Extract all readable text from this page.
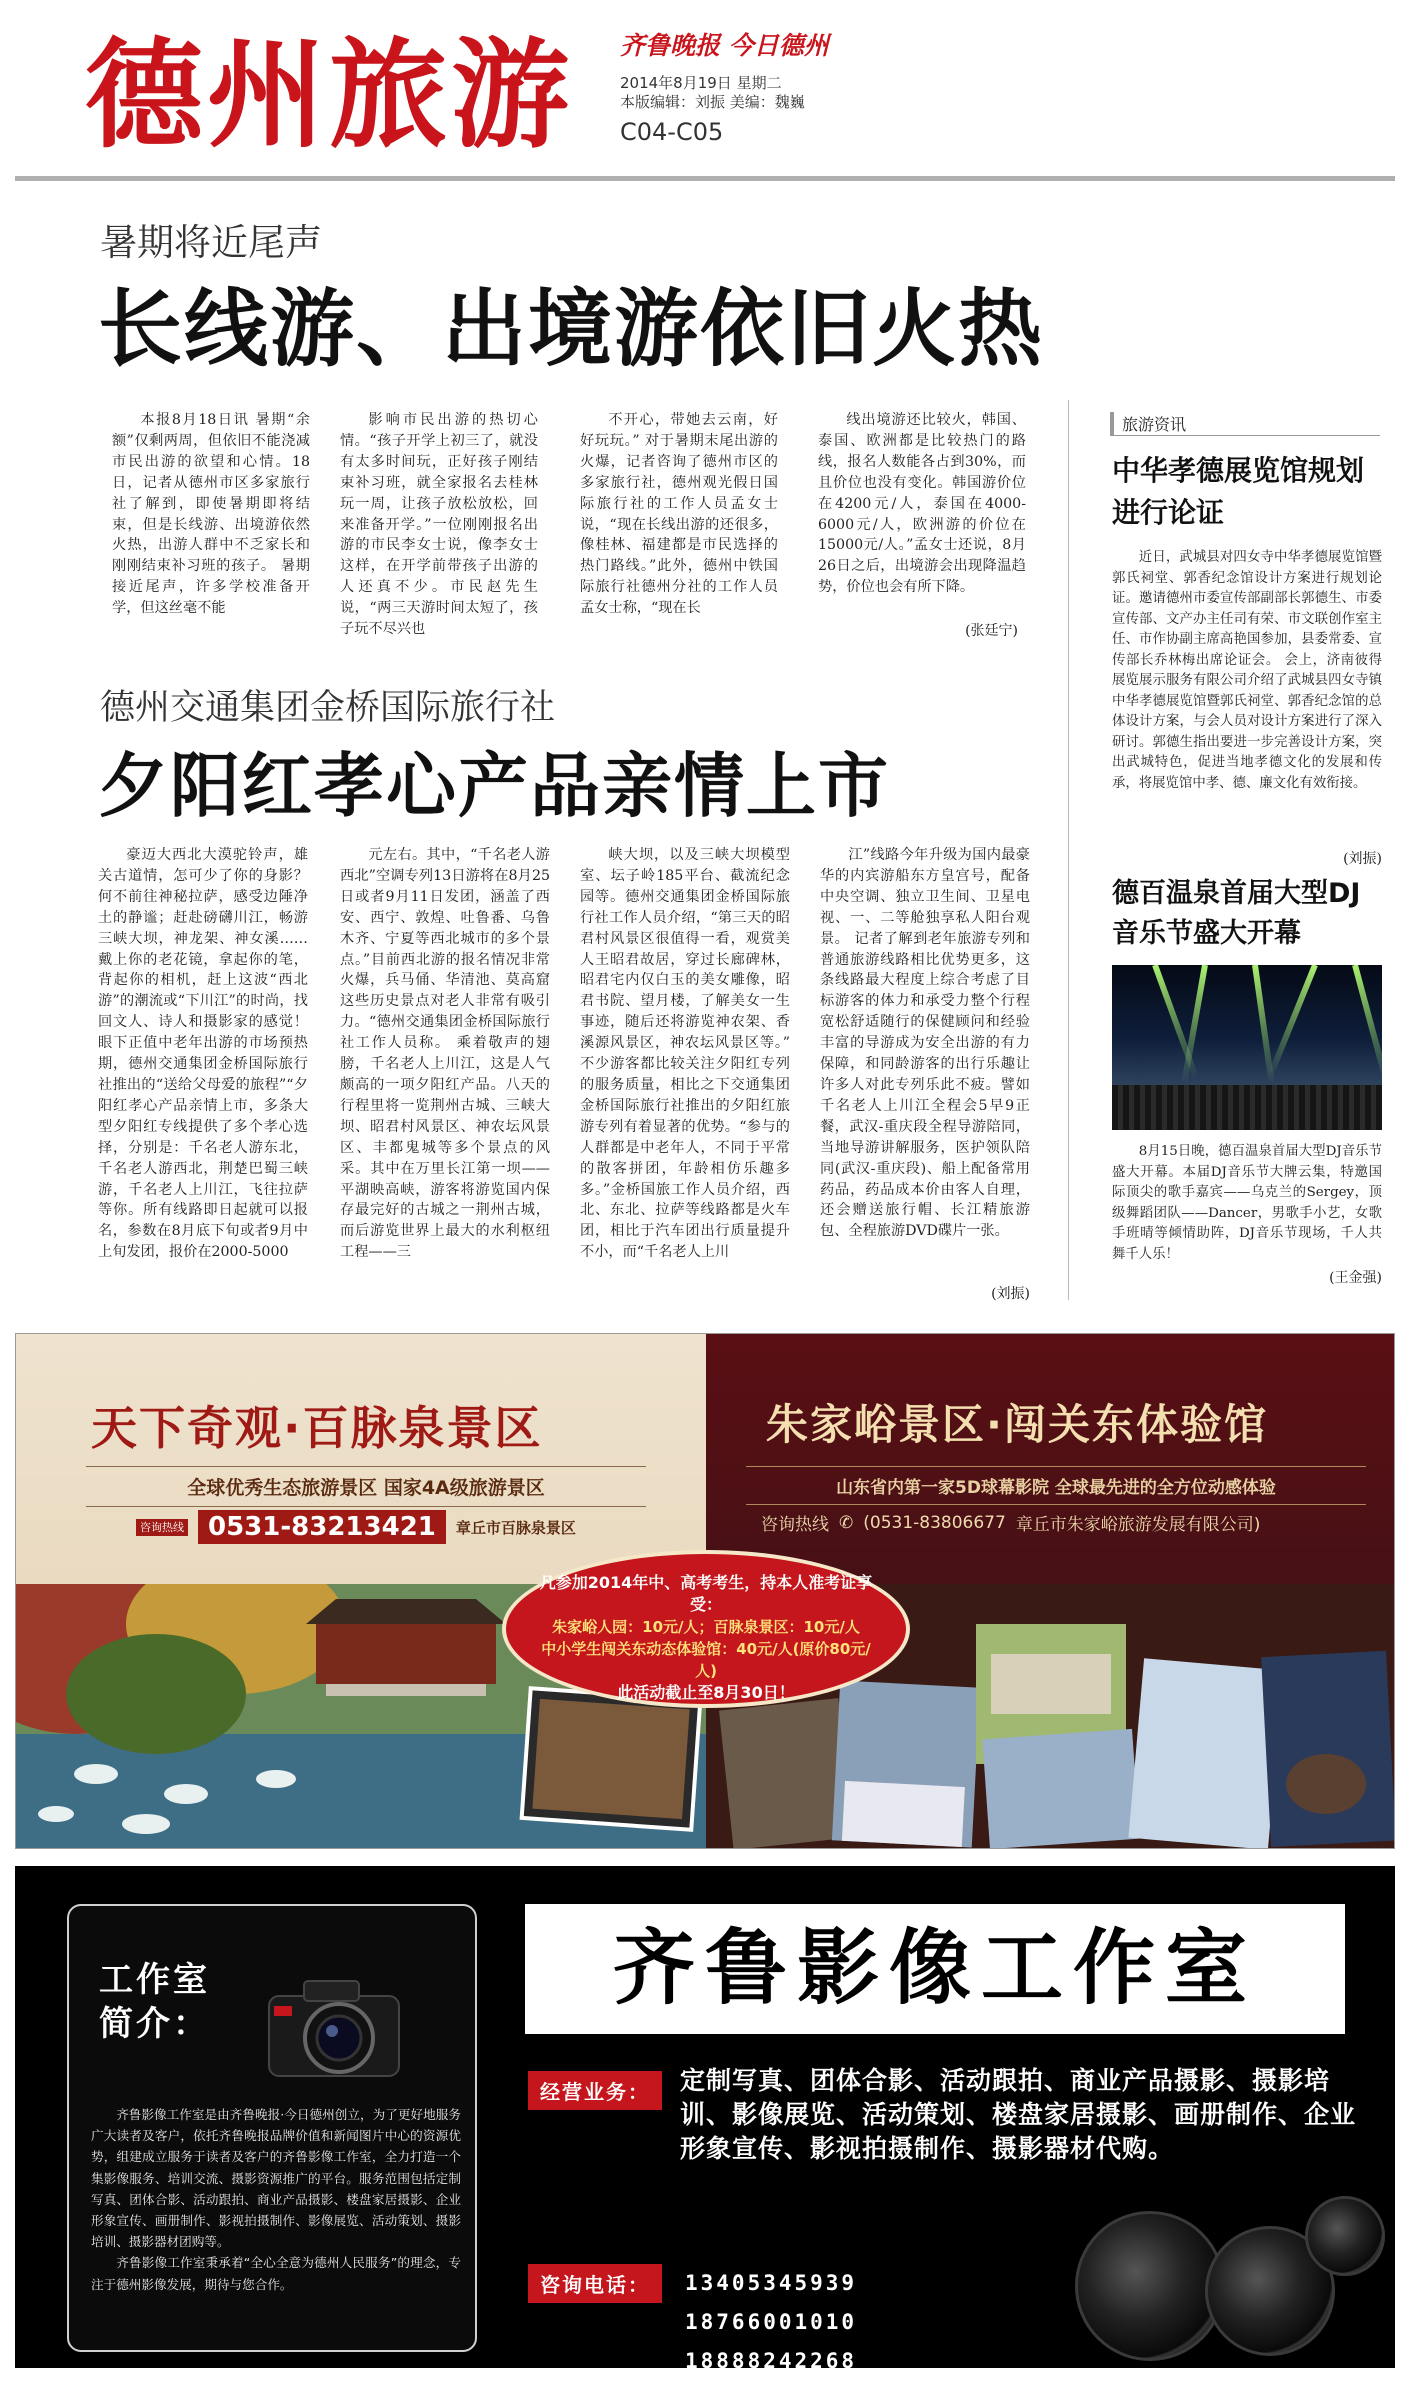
德州旅游 齐鲁晚报 今日德州
2014年8月19日 星期二
本版编辑：刘振 美编：魏巍
C04-C05
暑期将近尾声
长线游、出境游依旧火热

本报8月18日讯 暑期“余额”仅剩两周，但依旧不能浇减市民出游的欲望和心情。18日，记者从德州市区多家旅行社了解到，即使暑期即将结束，但是长线游、出境游依然火热，出游人群中不乏家长和刚刚结束补习班的孩子。 暑期接近尾声，许多学校准备开学，但这丝毫不能

影响市民出游的热切心情。“孩子开学上初三了，就没有太多时间玩，正好孩子刚结束补习班，就全家报名去桂林玩一周，让孩子放松放松，回来准备开学。”一位刚刚报名出游的市民李女士说，像李女士这样，在开学前带孩子出游的人还真不少。市民赵先生说，“两三天游时间太短了，孩子玩不尽兴也

不开心，带她去云南，好好玩玩。” 对于暑期末尾出游的火爆，记者咨询了德州市区的多家旅行社，德州观光假日国际旅行社的工作人员孟女士说，“现在长线出游的还很多，像桂林、福建都是市民选择的热门路线。”此外，德州中铁国际旅行社德州分社的工作人员孟女士称，“现在长

线出境游还比较火，韩国、泰国、欧洲都是比较热门的路线，报名人数能各占到30%，而且价位也没有变化。韩国游价位在4200元/人，泰国在4000-6000元/人，欧洲游的价位在15000元/人。”孟女士还说，8月26日之后，出境游会出现降温趋势，价位也会有所下降。

(张廷宁)
德州交通集团金桥国际旅行社
夕阳红孝心产品亲情上市

豪迈大西北大漠驼铃声，雄关古道情，怎可少了你的身影？何不前往神秘拉萨，感受边陲净土的静谧；赶赴磅礴川江，畅游三峡大坝，神龙架、神女溪……戴上你的老花镜，拿起你的笔，背起你的相机，赶上这波“西北游”的潮流或“下川江”的时尚，找回文人、诗人和摄影家的感觉！ 眼下正值中老年出游的市场预热期，德州交通集团金桥国际旅行社推出的“送给父母爱的旅程”“夕阳红孝心产品亲情上市，多条大型夕阳红专线提供了多个孝心选择，分别是：千名老人游东北，千名老人游西北，荆楚巴蜀三峡游，千名老人上川江，飞往拉萨等你。所有线路即日起就可以报名，参数在8月底下旬或者9月中上旬发团，报价在2000-5000

元左右。其中，“千名老人游西北”空调专列13日游将在8月25日或者9月11日发团，涵盖了西安、西宁、敦煌、吐鲁番、乌鲁木齐、宁夏等西北城市的多个景点。”目前西北游的报名情况非常火爆，兵马俑、华清池、莫高窟这些历史景点对老人非常有吸引力。“德州交通集团金桥国际旅行社工作人员称。 乘着敬声的翅膀，千名老人上川江，这是人气颇高的一项夕阳红产品。八天的行程里将一览荆州古城、三峡大坝、昭君村风景区、神农坛风景区、丰都鬼城等多个景点的风采。其中在万里长江第一坝——平湖映高峡，游客将游览国内保存最完好的古城之一荆州古城，而后游览世界上最大的水利枢纽工程——三

峡大坝，以及三峡大坝模型室、坛子岭185平台、截流纪念园等。德州交通集团金桥国际旅行社工作人员介绍，“第三天的昭君村风景区很值得一看，观赏美人王昭君故居，穿过长廊碑林，昭君宅内仅白玉的美女雕像，昭君书院、望月楼，了解美女一生事迹，随后还将游览神农架、香溪源风景区，神农坛风景区等。” 不少游客都比较关注夕阳红专列的服务质量，相比之下交通集团金桥国际旅行社推出的夕阳红旅游专列有着显著的优势。“参与的人群都是中老年人，不同于平常的散客拼团，年龄相仿乐趣多多。”金桥国旅工作人员介绍，西北、东北、拉萨等线路都是火车团，相比于汽车团出行质量提升不小，而“千名老人上川

江”线路今年升级为国内最豪华的内宾游船东方皇宫号，配备中央空调、独立卫生间、卫星电视、一、二等舱独享私人阳台观景。 记者了解到老年旅游专列和普通旅游线路相比优势更多，这条线路最大程度上综合考虑了目标游客的体力和承受力整个行程宽松舒适随行的保健顾问和经验丰富的导游成为安全出游的有力保障，和同龄游客的出行乐趣让许多人对此专列乐此不疲。譬如千名老人上川江全程会5早9正餐，武汉-重庆段全程导游陪同，当地导游讲解服务，医护领队陪同(武汉-重庆段)、船上配备常用药品，药品成本价由客人自理，还会赠送旅行帽、长江精旅游包、全程旅游DVD碟片一张。

(刘振)
旅游资讯
中华孝德展览馆规划进行论证

近日，武城县对四女寺中华孝德展览馆暨郭氏祠堂、郭香纪念馆设计方案进行规划论证。邀请德州市委宣传部副部长郭德生、市委宣传部、文产办主任司有荣、市文联创作室主任、市作协副主席高艳国参加，县委常委、宣传部长乔林梅出席论证会。 会上，济南彼得展览展示服务有限公司介绍了武城县四女寺镇中华孝德展览馆暨郭氏祠堂、郭香纪念馆的总体设计方案，与会人员对设计方案进行了深入研讨。郭德生指出要进一步完善设计方案，突出武城特色，促进当地孝德文化的发展和传承，将展览馆中孝、德、廉文化有效衔接。

(刘振)
德百温泉首届大型DJ音乐节盛大开幕

8月15日晚，德百温泉首届大型DJ音乐节盛大开幕。本届DJ音乐节大牌云集，特邀国际顶尖的歌手嘉宾——乌克兰的Sergey，顶级舞蹈团队——Dancer，男歌手小艺，女歌手班晴等倾情助阵，DJ音乐节现场，千人共舞千人乐！

(王金强)
天下奇观·百脉泉景区
全球优秀生态旅游景区 国家4A级旅游景区
咨询热线 0531-83213421	章丘市百脉泉景区
朱家峪景区·闯关东体验馆
山东省内第一家5D球幕影院 全球最先进的全方位动感体验
咨询热线 ✆ (0531-83806677 章丘市朱家峪旅游发展有限公司)
凡参加2014年中、高考考生，持本人准考证享受：
朱家峪人园：10元/人；百脉泉景区：10元/人
中小学生闯关东动态体验馆：40元/人(原价80元/人)
此活动截止至8月30日！
工作室
简介：

齐鲁影像工作室是由齐鲁晚报·今日德州创立，为了更好地服务广大读者及客户，依托齐鲁晚报品牌价值和新闻图片中心的资源优势，组建成立服务于读者及客户的齐鲁影像工作室，全力打造一个集影像服务、培训交流、摄影资源推广的平台。服务范围包括定制写真、团体合影、活动跟拍、商业产品摄影、楼盘家居摄影、企业形象宣传、画册制作、影视拍摄制作、影像展览、活动策划、摄影培训、摄影器材团购等。

齐鲁影像工作室秉承着“全心全意为德州人民服务”的理念，专注于德州影像发展，期待与您合作。

齐鲁影像工作室
经营业务：	定制写真、团体合影、活动跟拍、商业产品摄影、摄影培训、影像展览、活动策划、楼盘家居摄影、画册制作、企业形象宣传、影视拍摄制作、摄影器材代购。
咨询电话：	13405345939
18766001010
18888242268
